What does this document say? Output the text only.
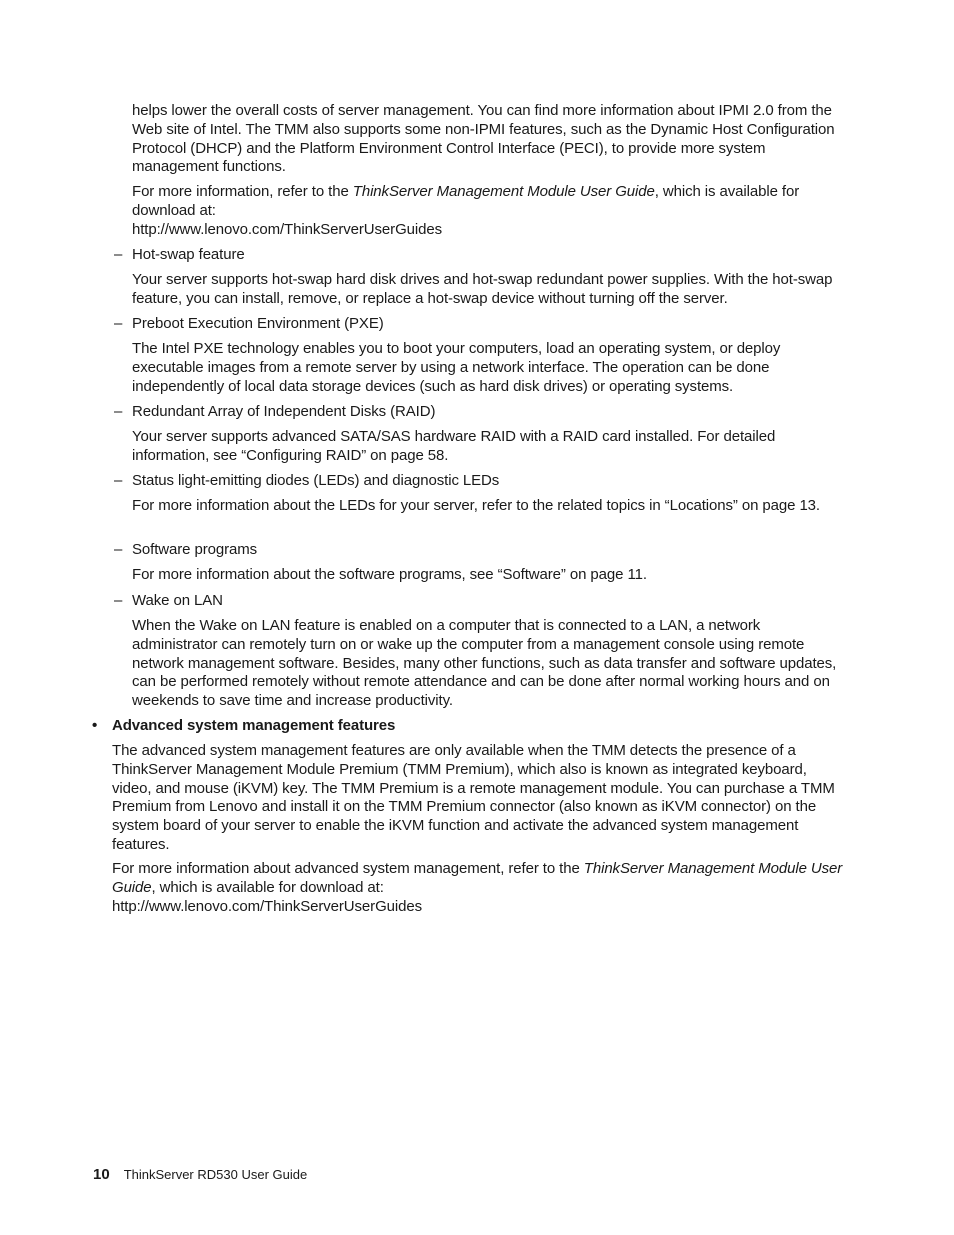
helps lower the overall costs of server management. You can find more information about IPMI 2.0 from the Web site of Intel. The TMM also supports some non-IPMI features, such as the Dynamic Host Configuration Protocol (DHCP) and the Platform Environment Control Interface (PECI), to provide more system management functions.

For more information, refer to the ThinkServer Management Module User Guide, which is available for download at:
http://www.lenovo.com/ThinkServerUserGuides

– Hot-swap feature

Your server supports hot-swap hard disk drives and hot-swap redundant power supplies. With the hot-swap feature, you can install, remove, or replace a hot-swap device without turning off the server.

– Preboot Execution Environment (PXE)

The Intel PXE technology enables you to boot your computers, load an operating system, or deploy executable images from a remote server by using a network interface. The operation can be done independently of local data storage devices (such as hard disk drives) or operating systems.

– Redundant Array of Independent Disks (RAID)

Your server supports advanced SATA/SAS hardware RAID with a RAID card installed. For detailed information, see “Configuring RAID” on page 58.

– Status light-emitting diodes (LEDs) and diagnostic LEDs

For more information about the LEDs for your server, refer to the related topics in “Locations” on page 13.

– Software programs

For more information about the software programs, see “Software” on page 11.

– Wake on LAN

When the Wake on LAN feature is enabled on a computer that is connected to a LAN, a network administrator can remotely turn on or wake up the computer from a management console using remote network management software. Besides, many other functions, such as data transfer and software updates, can be performed remotely without remote attendance and can be done after normal working hours and on weekends to save time and increase productivity.

• Advanced system management features

The advanced system management features are only available when the TMM detects the presence of a ThinkServer Management Module Premium (TMM Premium), which also is known as integrated keyboard, video, and mouse (iKVM) key. The TMM Premium is a remote management module. You can purchase a TMM Premium from Lenovo and install it on the TMM Premium connector (also known as iKVM connector) on the system board of your server to enable the iKVM function and activate the advanced system management features.

For more information about advanced system management, refer to the ThinkServer Management Module User Guide, which is available for download at:
http://www.lenovo.com/ThinkServerUserGuides

10 ThinkServer RD530 User Guide
